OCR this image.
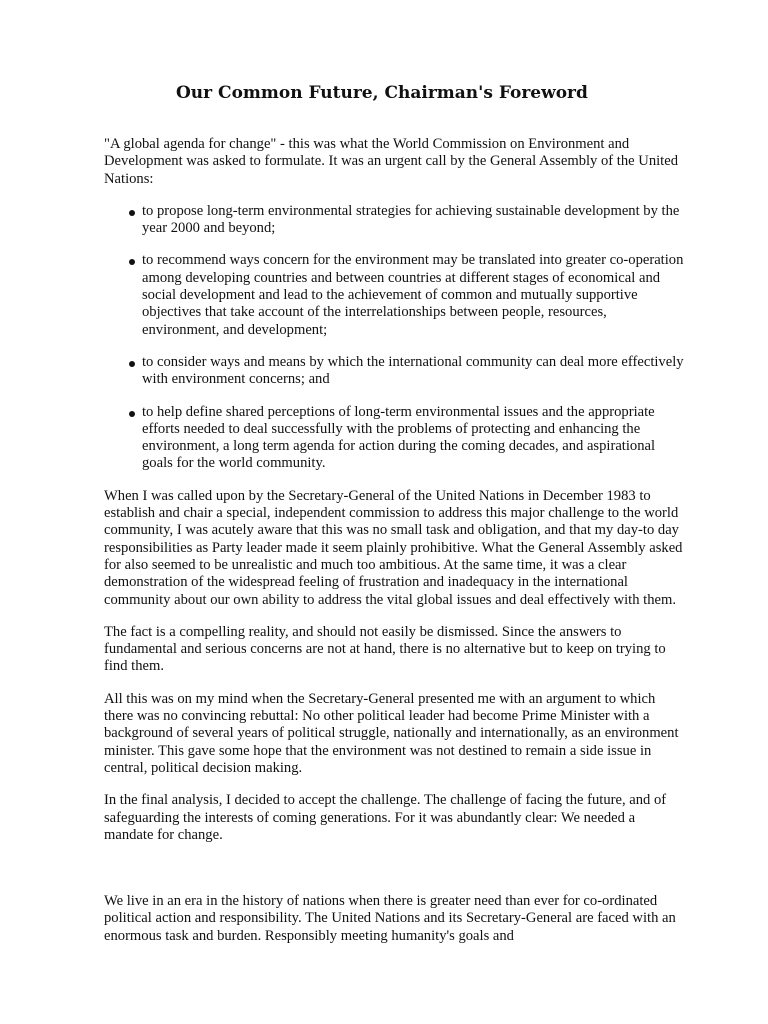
Our Common Future, Chairman's Foreword

"A global agenda for change" - this was what the World Commission on Environment and Development was asked to formulate. It was an urgent call by the General Assembly of the United Nations:

to propose long-term environmental strategies for achieving sustainable development by the year 2000 and beyond;
to recommend ways concern for the environment may be translated into greater co-operation among developing countries and between countries at different stages of economical and social development and lead to the achievement of common and mutually supportive objectives that take account of the interrelationships between people, resources, environment, and development;
to consider ways and means by which the international community can deal more effectively with environment concerns; and
to help define shared perceptions of long-term environmental issues and the appropriate efforts needed to deal successfully with the problems of protecting and enhancing the environment, a long term agenda for action during the coming decades, and aspirational goals for the world community.

When I was called upon by the Secretary-General of the United Nations in December 1983 to establish and chair a special, independent commission to address this major challenge to the world community, I was acutely aware that this was no small task and obligation, and that my day-to day responsibilities as Party leader made it seem plainly prohibitive. What the General Assembly asked for also seemed to be unrealistic and much too ambitious. At the same time, it was a clear demonstration of the widespread feeling of frustration and inadequacy in the international community about our own ability to address the vital global issues and deal effectively with them.

The fact is a compelling reality, and should not easily be dismissed. Since the answers to fundamental and serious concerns are not at hand, there is no alternative but to keep on trying to find them.

All this was on my mind when the Secretary-General presented me with an argument to which there was no convincing rebuttal: No other political leader had become Prime Minister with a background of several years of political struggle, nationally and internationally, as an environment minister. This gave some hope that the environment was not destined to remain a side issue in central, political decision making.

In the final analysis, I decided to accept the challenge. The challenge of facing the future, and of safeguarding the interests of coming generations. For it was abundantly clear: We needed a mandate for change.

We live in an era in the history of nations when there is greater need than ever for co-ordinated political action and responsibility. The United Nations and its Secretary-General are faced with an enormous task and burden. Responsibly meeting humanity's goals and
